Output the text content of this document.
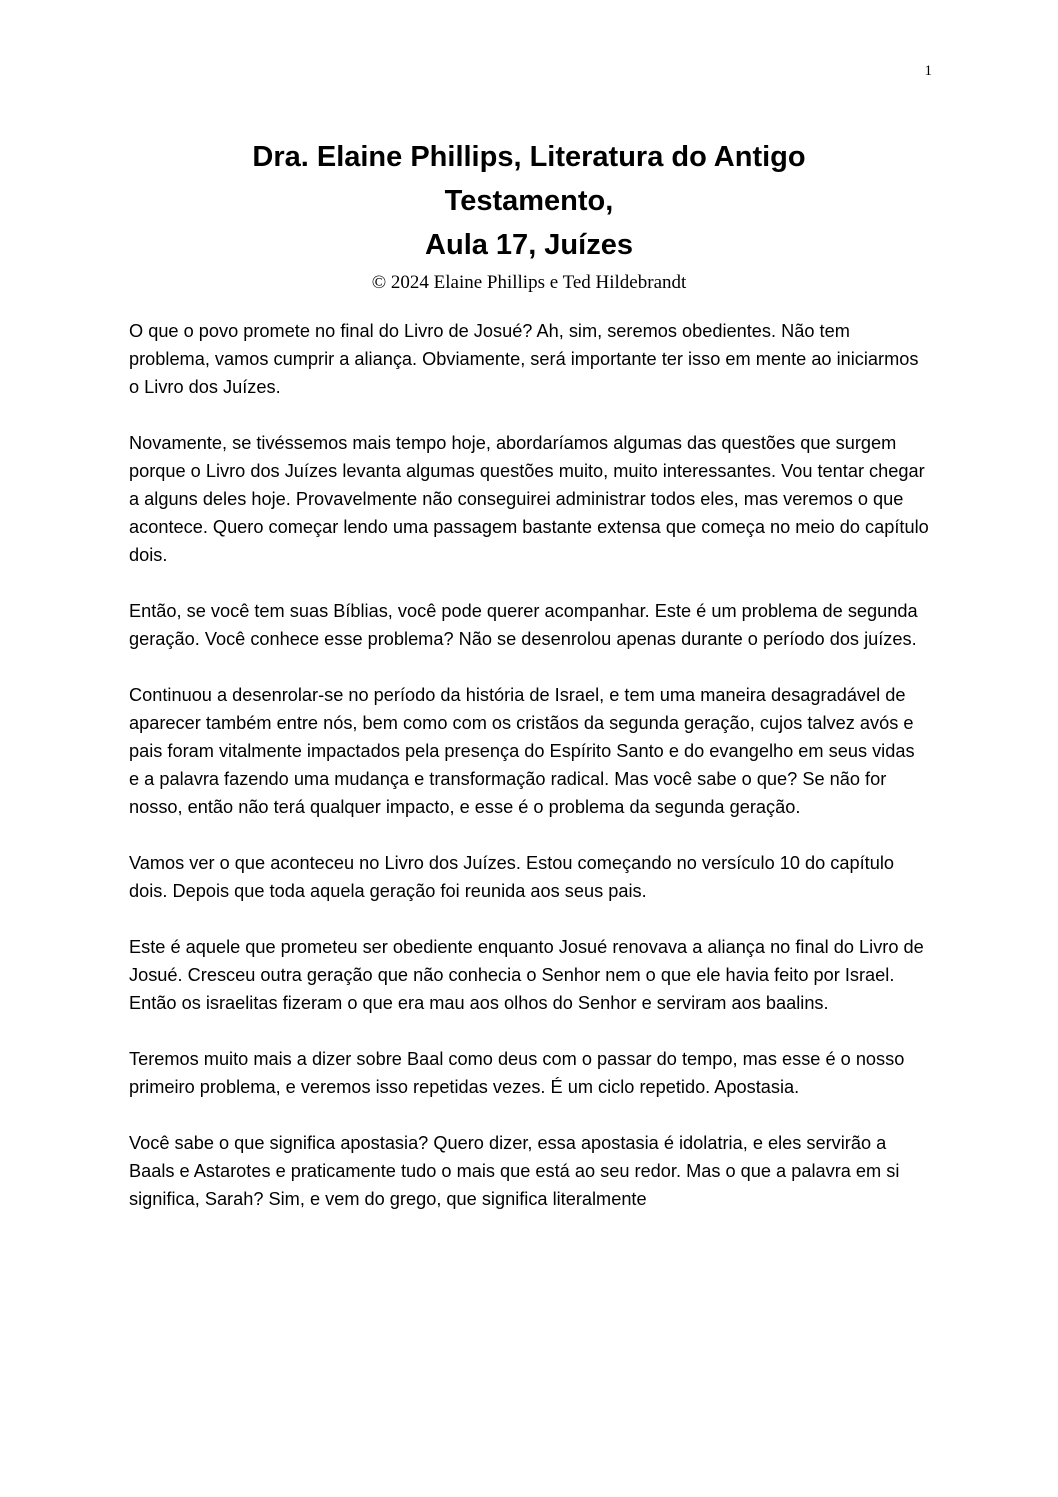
1
Dra. Elaine Phillips, Literatura do Antigo
Testamento,
Aula 17, Juízes
© 2024 Elaine Phillips e Ted Hildebrandt

O que o povo promete no final do Livro de Josué? Ah, sim, seremos obedientes. Não tem problema, vamos cumprir a aliança. Obviamente, será importante ter isso em mente ao iniciarmos o Livro dos Juízes.

Novamente, se tivéssemos mais tempo hoje, abordaríamos algumas das questões que surgem porque o Livro dos Juízes levanta algumas questões muito, muito interessantes. Vou tentar chegar a alguns deles hoje. Provavelmente não conseguirei administrar todos eles, mas veremos o que acontece. Quero começar lendo uma passagem bastante extensa que começa no meio do capítulo dois.

Então, se você tem suas Bíblias, você pode querer acompanhar. Este é um problema de segunda geração. Você conhece esse problema? Não se desenrolou apenas durante o período dos juízes.

Continuou a desenrolar-se no período da história de Israel, e tem uma maneira desagradável de aparecer também entre nós, bem como com os cristãos da segunda geração, cujos talvez avós e pais foram vitalmente impactados pela presença do Espírito Santo e do evangelho em seus vidas e a palavra fazendo uma mudança e transformação radical. Mas você sabe o que? Se não for nosso, então não terá qualquer impacto, e esse é o problema da segunda geração.

Vamos ver o que aconteceu no Livro dos Juízes. Estou começando no versículo 10 do capítulo dois. Depois que toda aquela geração foi reunida aos seus pais.

Este é aquele que prometeu ser obediente enquanto Josué renovava a aliança no final do Livro de Josué. Cresceu outra geração que não conhecia o Senhor nem o que ele havia feito por Israel. Então os israelitas fizeram o que era mau aos olhos do Senhor e serviram aos baalins.

Teremos muito mais a dizer sobre Baal como deus com o passar do tempo, mas esse é o nosso primeiro problema, e veremos isso repetidas vezes. É um ciclo repetido. Apostasia.

Você sabe o que significa apostasia? Quero dizer, essa apostasia é idolatria, e eles servirão a Baals e Astarotes e praticamente tudo o mais que está ao seu redor. Mas o que a palavra em si significa, Sarah? Sim, e vem do grego, que significa literalmente
